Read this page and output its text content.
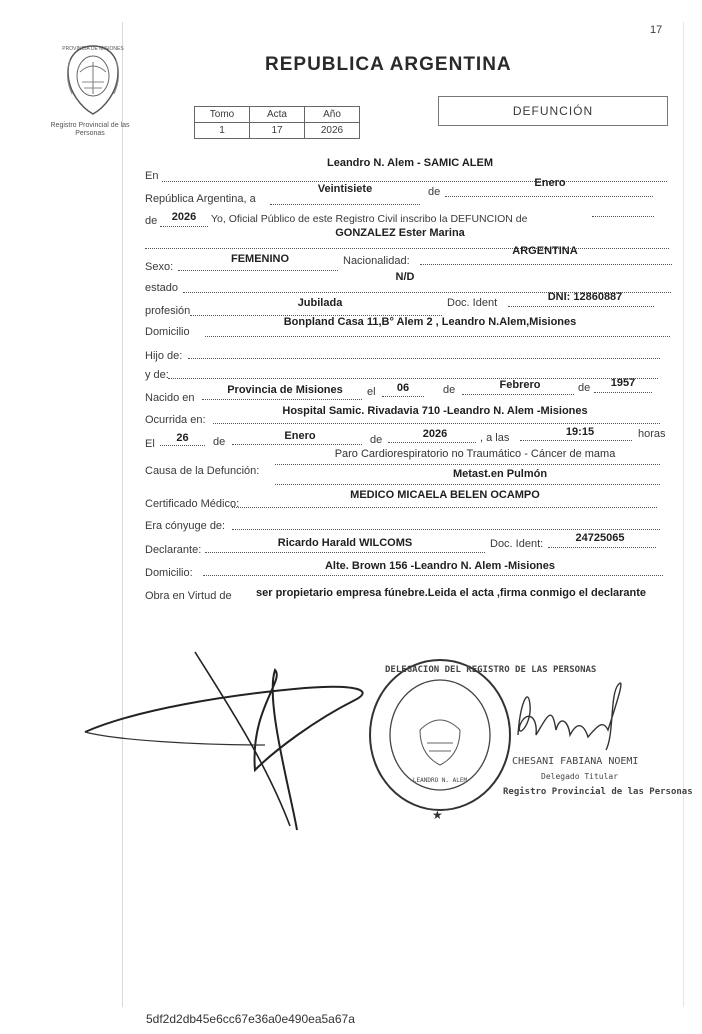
17
PROVINCIA DE MISIONES
Registro Provincial de las Personas
REPUBLICA ARGENTINA
Tomo	Acta	Año
1	17	2026
DEFUNCIÓN
En
Leandro N. Alem - SAMIC ALEM
República Argentina, a
Veintisiete	de
Enero
de	2026	Yo, Oficial Público de este Registro Civil inscribo la DEFUNCION de
GONZALEZ Ester Marina
Sexo:
FEMENINO	Nacionalidad:
ARGENTINA
estado
N/D
profesión
Jubilada	Doc. Ident	DNI: 12860887
Domicilio
Bonpland Casa 11,B° Alem 2 , Leandro N.Alem,Misiones
Hijo de:
y de:
Nacido en
Provincia de Misiones	el	06	de	Febrero	de	1957
Ocurrida en:
Hospital Samic. Rivadavia 710 -Leandro N. Alem -Misiones
El	26	de	Enero	de	2026	, a las	19:15	horas
Causa de la Defunción:
Paro Cardiorespiratorio no Traumático - Cáncer de mama
Metast.en Pulmón
Certificado Médico:
MEDICO MICAELA BELEN OCAMPO
Era cónyuge de:
Declarante:
Ricardo Harald WILCOMS	Doc. Ident:	24725065
Domicilio:
Alte. Brown 156 -Leandro N. Alem -Misiones
Obra en Virtud de ser propietario empresa fúnebre.Leida el acta ,firma conmigo el declarante
DELEGACION DEL REGISTRO DE LAS PERSONAS
LEANDRO N. ALEM
★
CHESANI FABIANA NOEMI
Delegado Titular
Registro Provincial de las Personas
5df2d2db45e6cc67e36a0e490ea5a67a
